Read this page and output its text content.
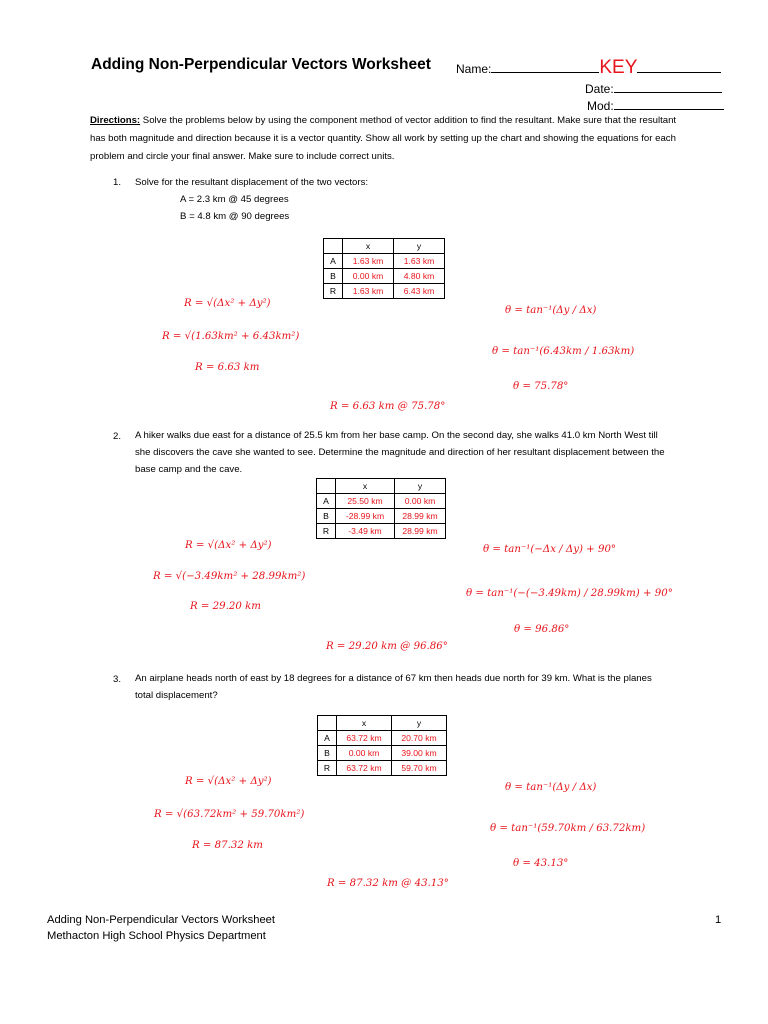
Adding Non-Perpendicular Vectors Worksheet Name:	KEY
Date:
Mod:
Directions: Solve the problems below by using the component method of vector addition to find the resultant. Make sure that the resultant has both magnitude and direction because it is a vector quantity. Show all work by setting up the chart and showing the equations for each problem and circle your final answer. Make sure to include correct units.
1. Solve for the resultant displacement of the two vectors:
A = 2.3 km @ 45 degrees
B = 4.8 km @ 90 degrees
	x	y
A	1.63 km	1.63 km
B	0.00 km	4.80 km
R	1.63 km	6.43 km
R = √(Δx² + Δy²)
R = √(1.63km² + 6.43km²)
R = 6.63 km
θ = tan⁻¹(Δy / Δx)
θ = tan⁻¹(6.43km / 1.63km)
θ = 75.78°
R = 6.63 km @ 75.78°
2. A hiker walks due east for a distance of 25.5 km from her base camp. On the second day, she walks 41.0 km North West till she discovers the cave she wanted to see. Determine the magnitude and direction of her resultant displacement between the base camp and the cave.
	x	y
A	25.50 km	0.00 km
B	-28.99 km	28.99 km
R	-3.49 km	28.99 km
R = √(Δx² + Δy²)
R = √(−3.49km² + 28.99km²)
R = 29.20 km
θ = tan⁻¹(−Δx / Δy) + 90°
θ = tan⁻¹(−(−3.49km) / 28.99km) + 90°
θ = 96.86°
R = 29.20 km @ 96.86°
3. An airplane heads north of east by 18 degrees for a distance of 67 km then heads due north for 39 km. What is the planes total displacement?
	x	y
A	63.72 km	20.70 km
B	0.00 km	39.00 km
R	63.72 km	59.70 km
R = √(Δx² + Δy²)
R = √(63.72km² + 59.70km²)
R = 87.32 km
θ = tan⁻¹(Δy / Δx)
θ = tan⁻¹(59.70km / 63.72km)
θ = 43.13°
R = 87.32 km @ 43.13°
Adding Non-Perpendicular Vectors Worksheet
Methacton High School Physics Department
1
